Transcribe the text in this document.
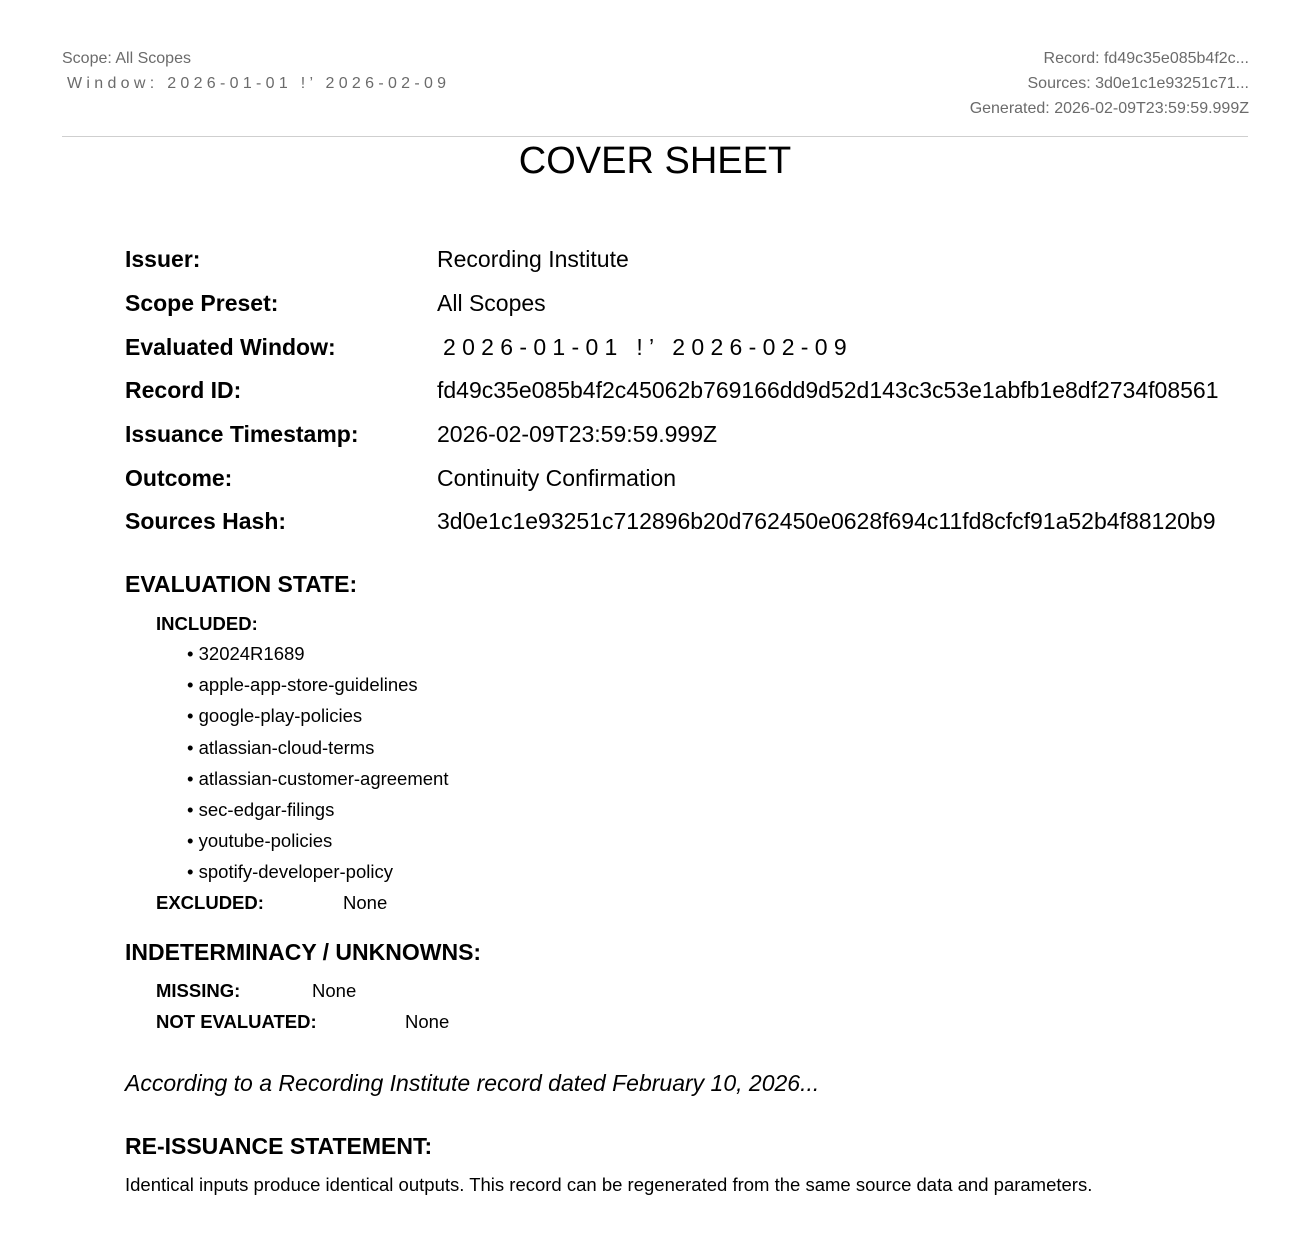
Scope: All Scopes
Window: 2026-01-01 !’ 2026-02-09
Record: fd49c35e085b4f2c...
Sources: 3d0e1c1e93251c71...
Generated: 2026-02-09T23:59:59.999Z
COVER SHEET
Issuer:	Recording Institute
Scope Preset:	All Scopes
Evaluated Window:	2026-01-01 !’ 2026-02-09
Record ID:	fd49c35e085b4f2c45062b769166dd9d52d143c3c53e1abfb1e8df2734f08561
Issuance Timestamp:	2026-02-09T23:59:59.999Z
Outcome:	Continuity Confirmation
Sources Hash:	3d0e1c1e93251c712896b20d762450e0628f694c11fd8cfcf91a52b4f88120b9
EVALUATION STATE:
INCLUDED:
• 32024R1689
• apple-app-store-guidelines
• google-play-policies
• atlassian-cloud-terms
• atlassian-customer-agreement
• sec-edgar-filings
• youtube-policies
• spotify-developer-policy
EXCLUDED:	None
INDETERMINACY / UNKNOWNS:
MISSING:	None
NOT EVALUATED:	None
According to a Recording Institute record dated February 10, 2026...
RE-ISSUANCE STATEMENT:
Identical inputs produce identical outputs. This record can be regenerated from the same source data and parameters.
